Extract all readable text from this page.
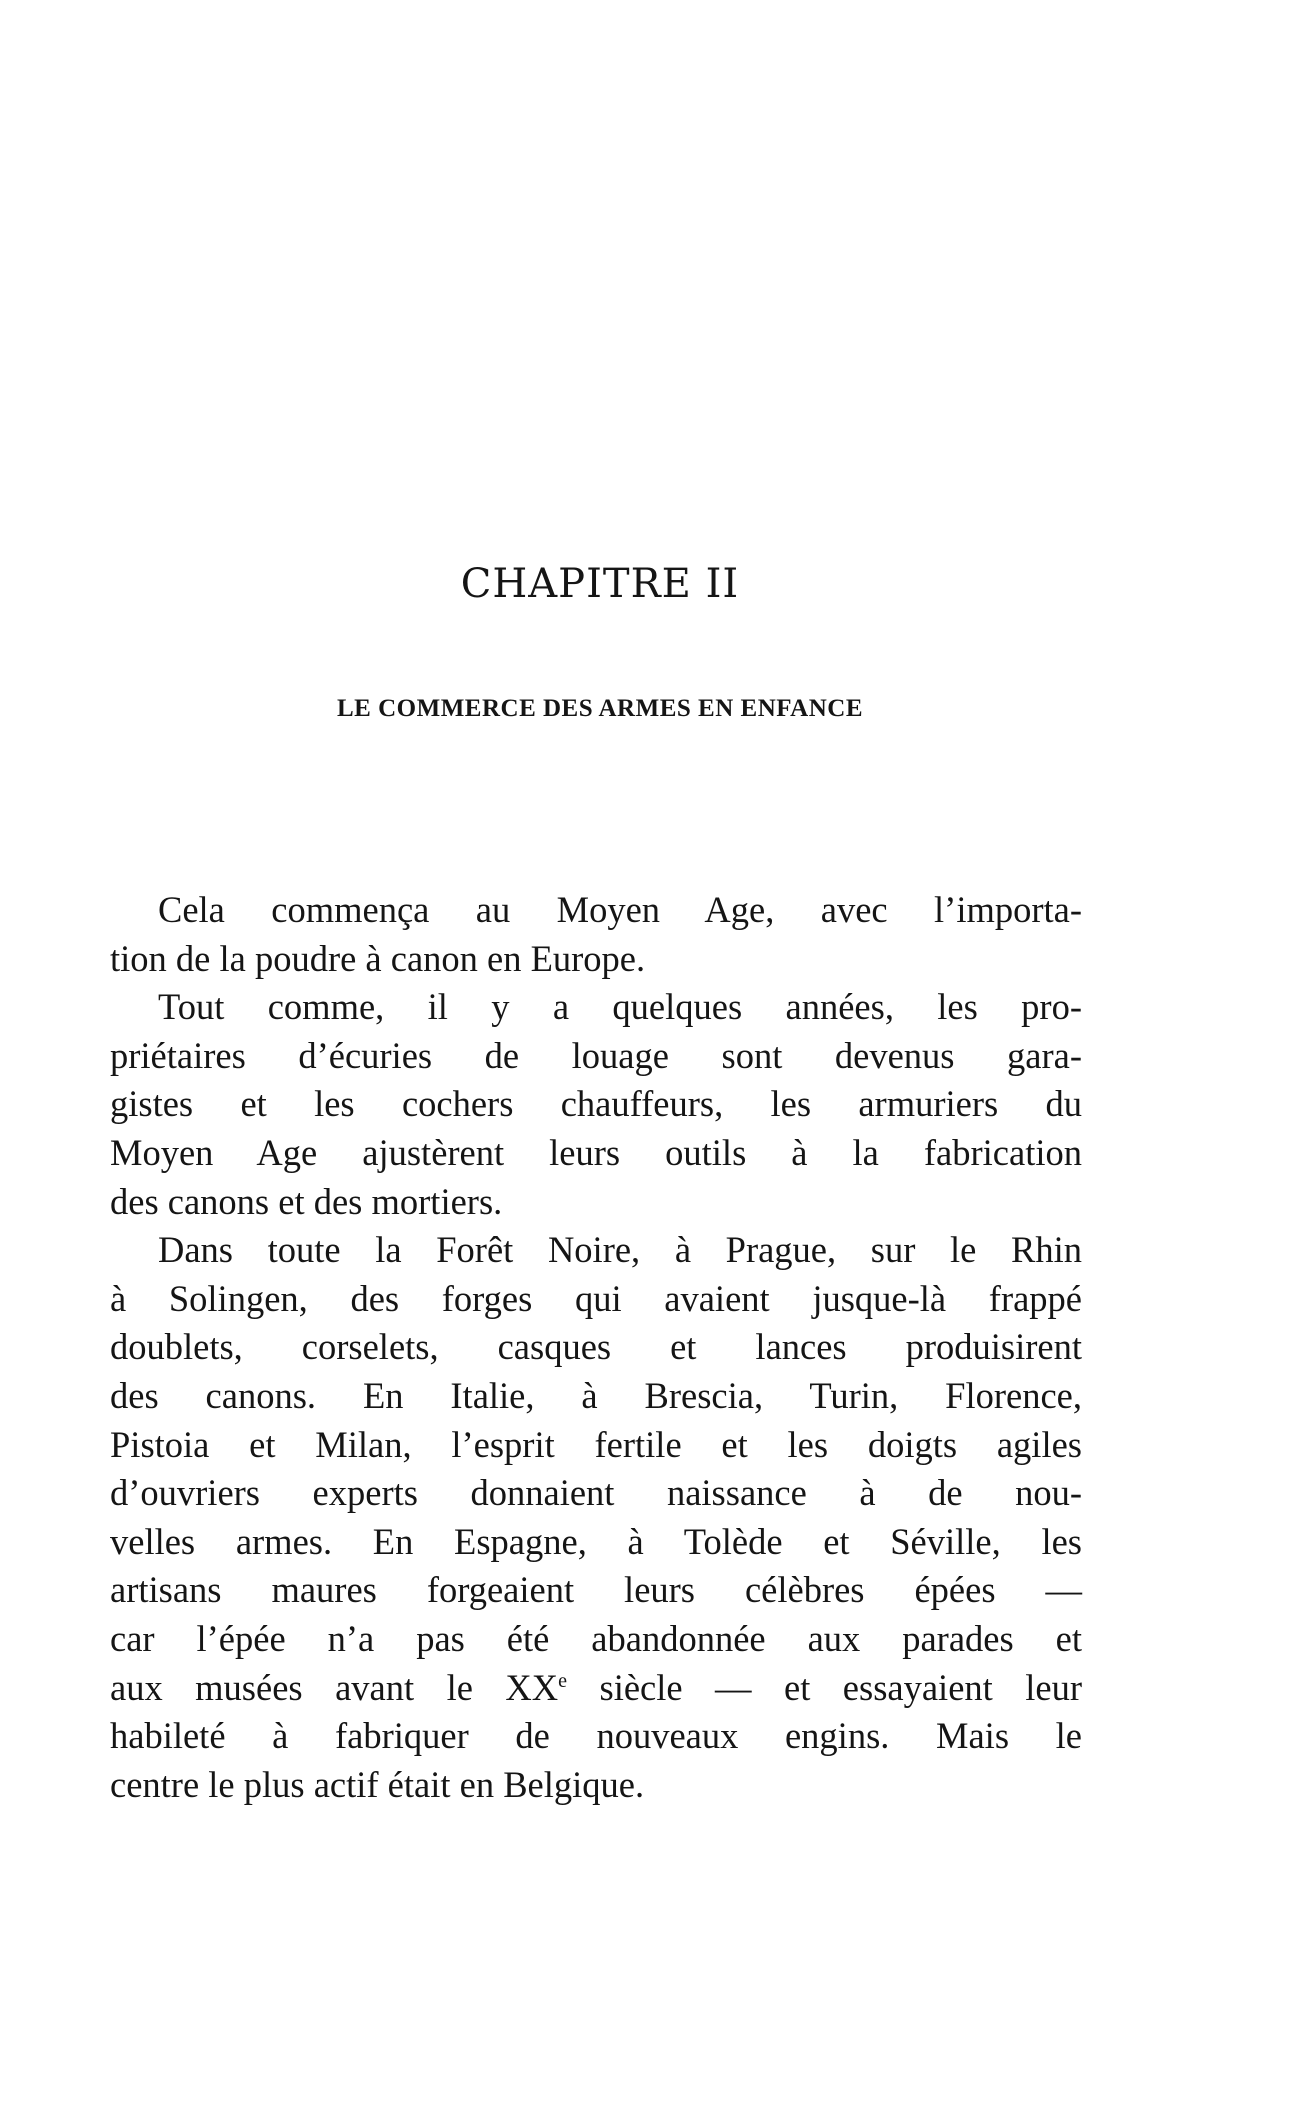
CHAPITRE II
LE COMMERCE DES ARMES EN ENFANCE
Cela commença au Moyen Age, avec l’importa-
tion de la poudre à canon en Europe.
Tout comme, il y a quelques années, les pro-
priétaires d’écuries de louage sont devenus gara-
gistes et les cochers chauffeurs, les armuriers du
Moyen Age ajustèrent leurs outils à la fabrication
des canons et des mortiers.
Dans toute la Forêt Noire, à Prague, sur le Rhin
à Solingen, des forges qui avaient jusque-là frappé
doublets, corselets, casques et lances produisirent
des canons. En Italie, à Brescia, Turin, Florence,
Pistoia et Milan, l’esprit fertile et les doigts agiles
d’ouvriers experts donnaient naissance à de nou-
velles armes. En Espagne, à Tolède et Séville, les
artisans maures forgeaient leurs célèbres épées —
car l’épée n’a pas été abandonnée aux parades et
aux musées avant le XXe siècle — et essayaient leur
habileté à fabriquer de nouveaux engins. Mais le
centre le plus actif était en Belgique.
